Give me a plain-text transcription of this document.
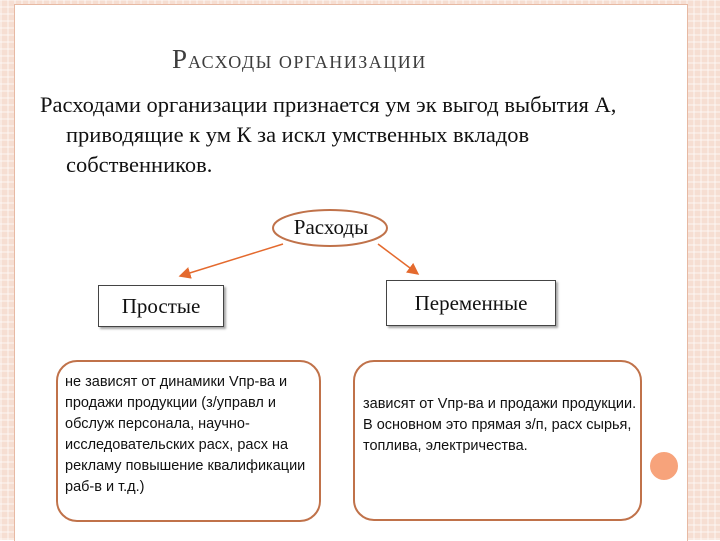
РАСХОДЫ ОРГАНИЗАЦИИ
Расходами организации признается ум эк выгод выбытия А, приводящие к ум К за искл умственных вкладов собственников.
Расходы
Простые	Переменные
не зависят от динамики Vпр-ва и продажи продукции (з/управл и обслуж персонала, научно-исследовательских расх, расх на рекламу повышение квалификации раб-в и т.д.)
зависят от Vпр-ва и продажи продукции. В основном это прямая з/п, расх сырья, топлива, электричества.
